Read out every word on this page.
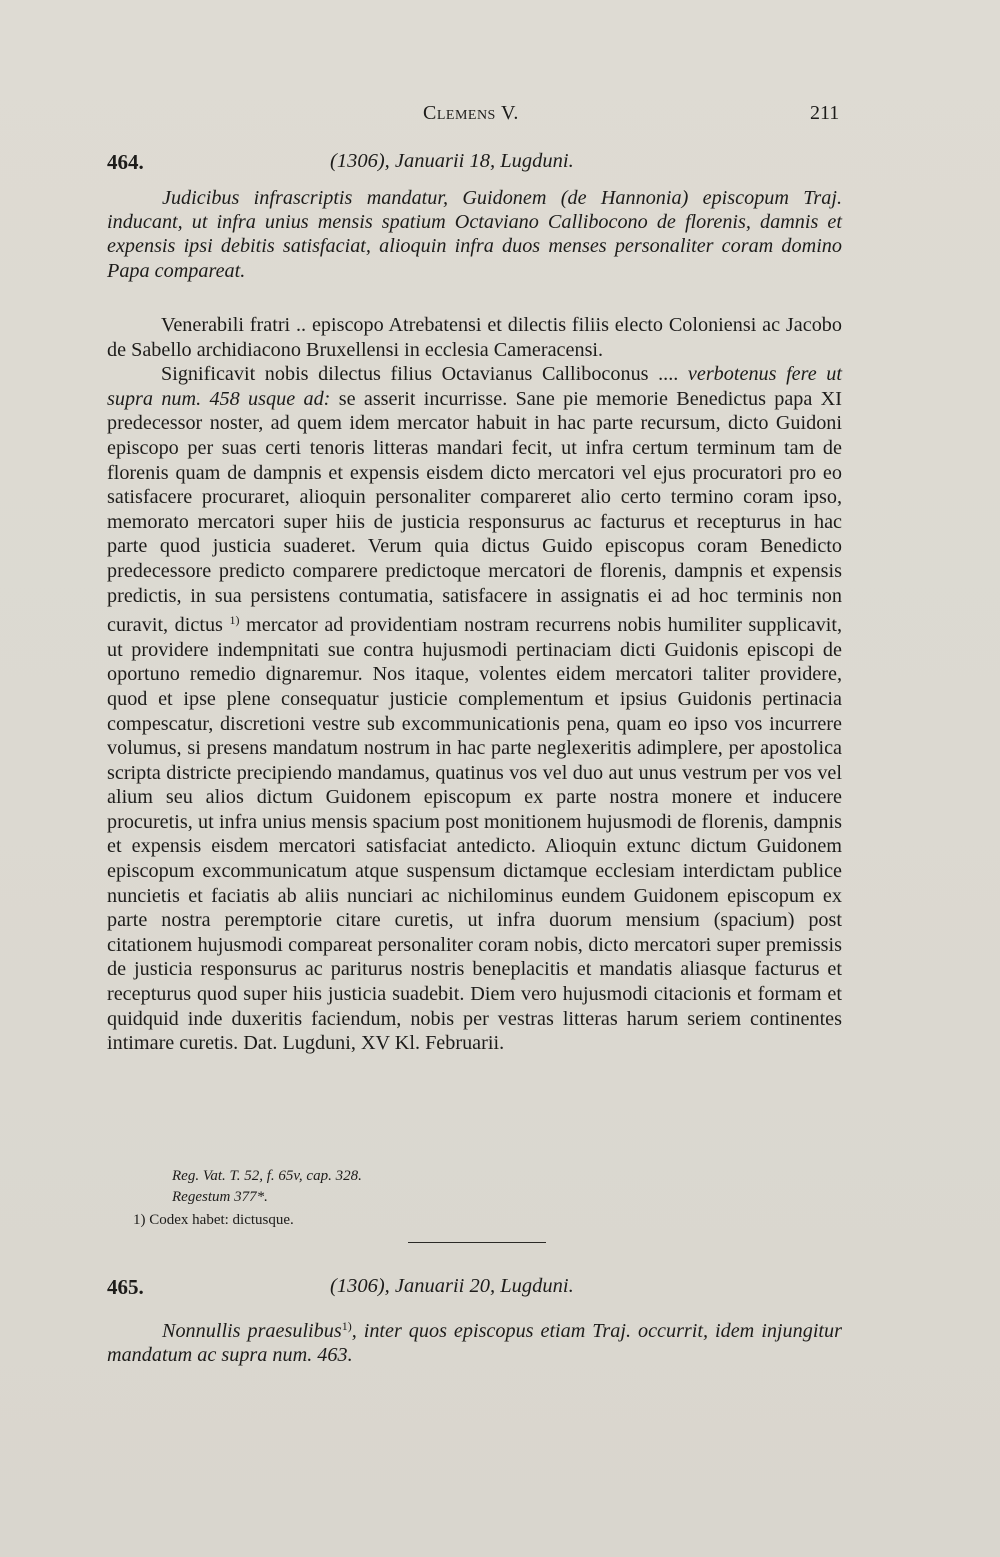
Clemens V.	211
464.	(1306), Januarii 18, Lugduni.

Judicibus infrascriptis mandatur, Guidonem (de Hannonia) episcopum Traj. inducant, ut infra unius mensis spatium Octaviano Callibocono de florenis, damnis et expensis ipsi debitis satisfaciat, alioquin infra duos menses personaliter coram domino Papa compareat.

Venerabili fratri .. episcopo Atrebatensi et dilectis filiis electo Coloniensi ac Jacobo de Sabello archidiacono Bruxellensi in ecclesia Cameracensi.

Significavit nobis dilectus filius Octavianus Calliboconus .... verbotenus fere ut supra num. 458 usque ad: se asserit incurrisse. Sane pie memorie Benedictus papa XI predecessor noster, ad quem idem mercator habuit in hac parte recursum, dicto Guidoni episcopo per suas certi tenoris litteras mandari fecit, ut infra certum terminum tam de florenis quam de dampnis et expensis eisdem dicto mercatori vel ejus procuratori pro eo satisfacere procuraret, alioquin personaliter compareret alio certo termino coram ipso, memorato mercatori super hiis de justicia responsurus ac facturus et recepturus in hac parte quod justicia suaderet. Verum quia dictus Guido episcopus coram Benedicto predecessore predicto comparere predictoque mercatori de florenis, dampnis et expensis predictis, in sua persistens contumatia, satisfacere in assignatis ei ad hoc terminis non curavit, dictus $^{1)}$ mercator ad providentiam nostram recurrens nobis humiliter supplicavit, ut providere indempnitati sue contra hujusmodi pertinaciam dicti Guidonis episcopi de oportuno remedio dignaremur. Nos itaque, volentes eidem mercatori taliter providere, quod et ipse plene consequatur justicie complementum et ipsius Guidonis pertinacia compescatur, discretioni vestre sub excommunicationis pena, quam eo ipso vos incurrere volumus, si presens mandatum nostrum in hac parte neglexeritis adimplere, per apostolica scripta districte precipiendo mandamus, quatinus vos vel duo aut unus vestrum per vos vel alium seu alios dictum Guidonem episcopum ex parte nostra monere et inducere procuretis, ut infra unius mensis spacium post monitionem hujusmodi de florenis, dampnis et expensis eisdem mercatori satisfaciat antedicto. Alioquin extunc dictum Guidonem episcopum excommunicatum atque suspensum dictamque ecclesiam interdictam publice nuncietis et faciatis ab aliis nunciari ac nichilominus eundem Guidonem episcopum ex parte nostra peremptorie citare curetis, ut infra duorum mensium (spacium) post citationem hujusmodi compareat personaliter coram nobis, dicto mercatori super premissis de justicia responsurus ac pariturus nostris beneplacitis et mandatis aliasque facturus et recepturus quod super hiis justicia suadebit. Diem vero hujusmodi citacionis et formam et quidquid inde duxeritis faciendum, nobis per vestras litteras harum seriem continentes intimare curetis. Dat. Lugduni, XV Kl. Februarii.

Reg. Vat. T. 52, f. 65v, cap. 328.
Regestum 377*.
1) Codex habet: dictusque.
465.	(1306), Januarii 20, Lugduni.

Nonnullis praesulibus$^{1)}$, inter quos episcopus etiam Traj. occurrit, idem injungitur mandatum ac supra num. 463.
